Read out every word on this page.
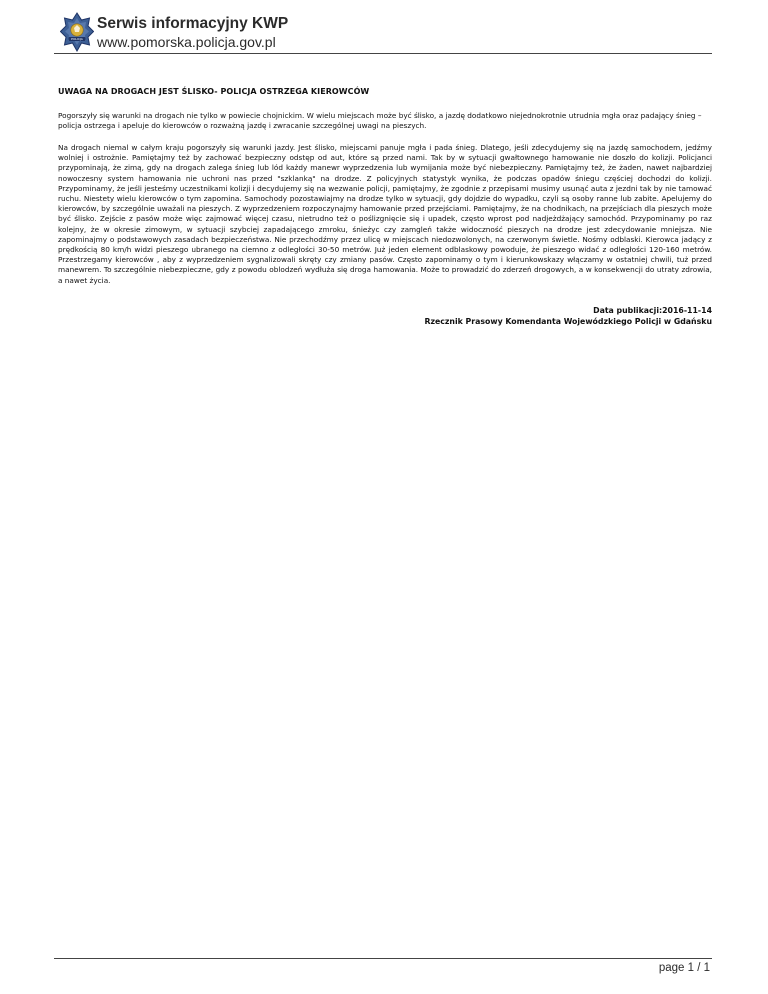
POLICJA
Serwis informacyjny KWP
www.pomorska.policja.gov.pl
UWAGA NA DROGACH JEST ŚLISKO- POLICJA OSTRZEGA KIEROWCÓW

Pogorszyły się warunki na drogach nie tylko w powiecie chojnickim. W wielu miejscach może być ślisko, a jazdę dodatkowo niejednokrotnie utrudnia mgła oraz padający śnieg – policja ostrzega i apeluje do kierowców o rozważną jazdę i zwracanie szczególnej uwagi na pieszych.

Na drogach niemal w całym kraju pogorszyły się warunki jazdy. Jest ślisko, miejscami panuje mgła i pada śnieg. Dlatego, jeśli zdecydujemy się na jazdę samochodem, jedźmy wolniej i ostrożnie. Pamiętajmy też by zachować bezpieczny odstęp od aut, które są przed nami. Tak by w sytuacji gwałtownego hamowanie nie doszło do kolizji. Policjanci przypominają, że zimą, gdy na drogach zalega śnieg lub lód każdy manewr wyprzedzenia lub wymijania może być niebezpieczny. Pamiętajmy też, że żaden, nawet najbardziej nowoczesny system hamowania nie uchroni nas przed "szklanką" na drodze. Z policyjnych statystyk wynika, że podczas opadów śniegu częściej dochodzi do kolizji. Przypominamy, że jeśli jesteśmy uczestnikami kolizji i decydujemy się na wezwanie policji, pamiętajmy, że zgodnie z przepisami musimy usunąć auta z jezdni tak by nie tamować ruchu. Niestety wielu kierowców o tym zapomina. Samochody pozostawiajmy na drodze tylko w sytuacji, gdy dojdzie do wypadku, czyli są osoby ranne lub zabite. Apelujemy do kierowców, by szczególnie uważali na pieszych. Z wyprzedzeniem rozpoczynajmy hamowanie przed przejściami. Pamiętajmy, że na chodnikach, na przejściach dla pieszych może być ślisko. Zejście z pasów może więc zajmować więcej czasu, nietrudno też o poślizgnięcie się i upadek, często wprost pod nadjeżdżający samochód. Przypominamy po raz kolejny, że w okresie zimowym, w sytuacji szybciej zapadającego zmroku, śnieżyc czy zamgleń także widoczność pieszych na drodze jest zdecydowanie mniejsza. Nie zapominajmy o podstawowych zasadach bezpieczeństwa. Nie przechodźmy przez ulicę w miejscach niedozwolonych, na czerwonym świetle. Nośmy odblaski. Kierowca jadący z prędkością 80 km/h widzi pieszego ubranego na ciemno z odległości 30-50 metrów. Już jeden element odblaskowy powoduje, że pieszego widać z odległości 120-160 metrów. Przestrzegamy kierowców , aby z wyprzedzeniem sygnalizowali skręty czy zmiany pasów. Często zapominamy o tym i kierunkowskazy włączamy w ostatniej chwili, tuż przed manewrem. To szczególnie niebezpieczne, gdy z powodu oblodzeń wydłuża się droga hamowania. Może to prowadzić do zderzeń drogowych, a w konsekwencji do utraty zdrowia, a nawet życia.

Data publikacji:2016-11-14
Rzecznik Prasowy Komendanta Wojewódzkiego Policji w Gdańsku
page 1 / 1
